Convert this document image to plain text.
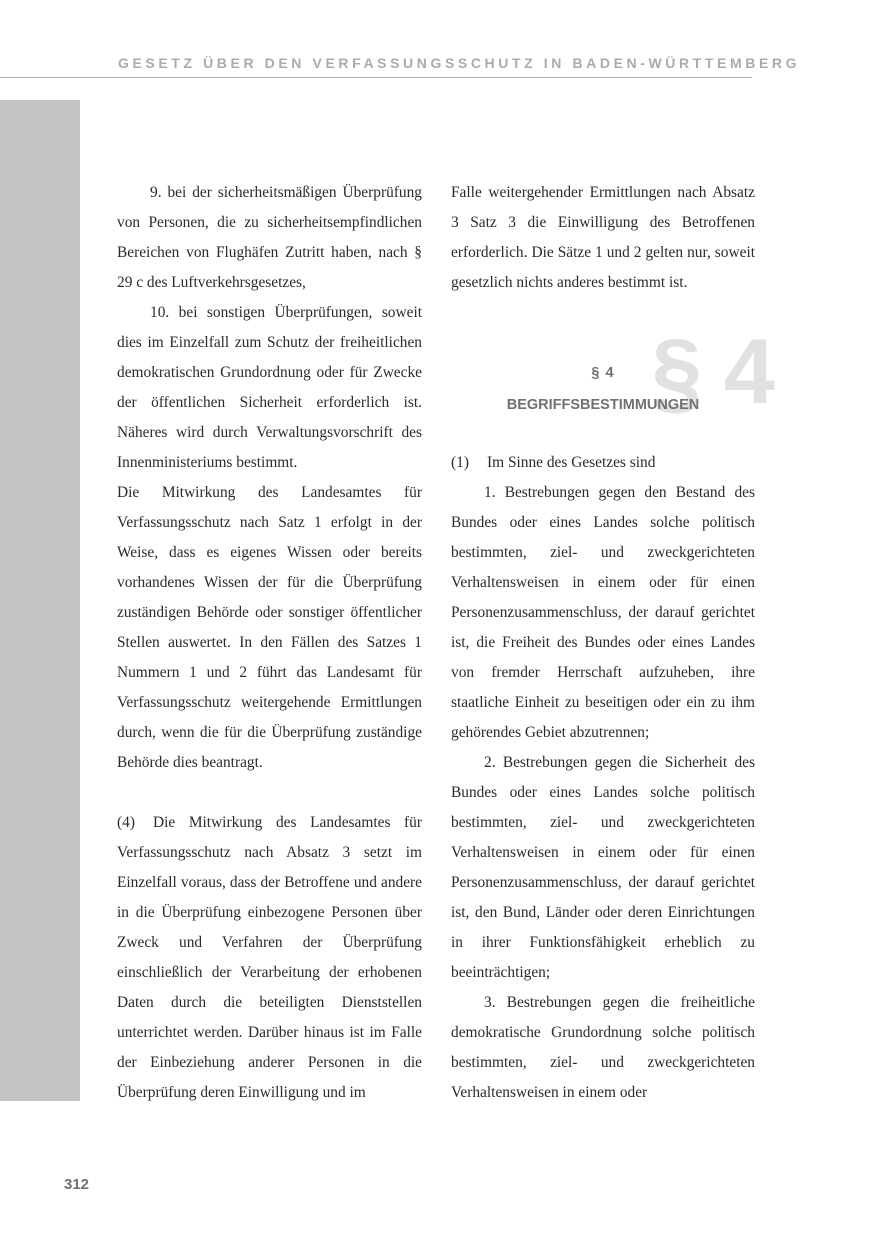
GESETZ ÜBER DEN VERFASSUNGSSCHUTZ IN BADEN-WÜRTTEMBERG
312

9. bei der sicherheitsmäßigen Überprüfung von Personen, die zu sicherheitsempfindlichen Bereichen von Flughäfen Zutritt haben, nach § 29 c des Luftverkehrsgesetzes,

10. bei sonstigen Überprüfungen, soweit dies im Einzelfall zum Schutz der freiheitlichen demokratischen Grundordnung oder für Zwecke der öffentlichen Sicherheit erforderlich ist. Näheres wird durch Verwaltungsvorschrift des Innenministeriums bestimmt.

Die Mitwirkung des Landesamtes für Verfassungsschutz nach Satz 1 erfolgt in der Weise, dass es eigenes Wissen oder bereits vorhandenes Wissen der für die Überprüfung zuständigen Behörde oder sonstiger öffentlicher Stellen auswertet. In den Fällen des Satzes 1 Nummern 1 und 2 führt das Landesamt für Verfassungsschutz weitergehende Ermittlungen durch, wenn die für die Überprüfung zuständige Behörde dies beantragt.

(4) Die Mitwirkung des Landesamtes für Verfassungsschutz nach Absatz 3 setzt im Einzelfall voraus, dass der Betroffene und andere in die Überprüfung einbezogene Personen über Zweck und Verfahren der Überprüfung einschließlich der Verarbeitung der erhobenen Daten durch die beteiligten Dienststellen unterrichtet werden. Darüber hinaus ist im Falle der Einbeziehung anderer Personen in die Überprüfung deren Einwilligung und im

Falle weitergehender Ermittlungen nach Absatz 3 Satz 3 die Einwilligung des Betroffenen erforderlich. Die Sätze 1 und 2 gelten nur, soweit gesetzlich nichts anderes bestimmt ist.

§ 4
§ 4
BEGRIFFSBESTIMMUNGEN

(1) Im Sinne des Gesetzes sind

1. Bestrebungen gegen den Bestand des Bundes oder eines Landes solche politisch bestimmten, ziel- und zweckgerichteten Verhaltensweisen in einem oder für einen Personenzusammenschluss, der darauf gerichtet ist, die Freiheit des Bundes oder eines Landes von fremder Herrschaft aufzuheben, ihre staatliche Einheit zu beseitigen oder ein zu ihm gehörendes Gebiet abzutrennen;

2. Bestrebungen gegen die Sicherheit des Bundes oder eines Landes solche politisch bestimmten, ziel- und zweckgerichteten Verhaltensweisen in einem oder für einen Personenzusammenschluss, der darauf gerichtet ist, den Bund, Länder oder deren Einrichtungen in ihrer Funktionsfähigkeit erheblich zu beeinträchtigen;

3. Bestrebungen gegen die freiheitliche demokratische Grundordnung solche politisch bestimmten, ziel- und zweckgerichteten Verhaltensweisen in einem oder
